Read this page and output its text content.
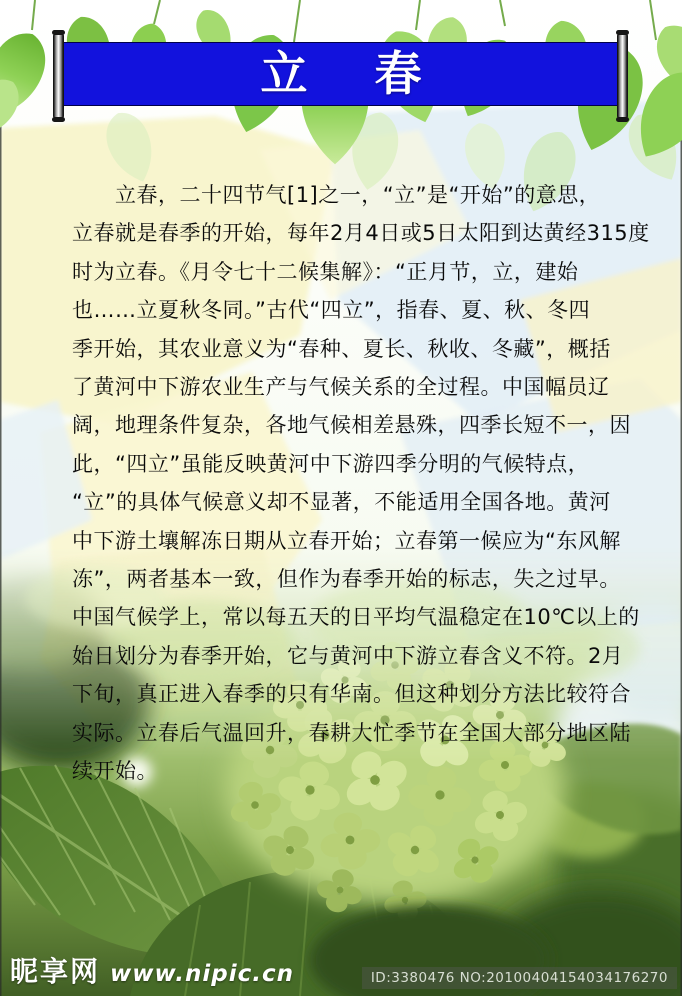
立　春
　　立春，二十四节气[1]之一，“立”是“开始”的意思，
立春就是春季的开始，每年2月4日或5日太阳到达黄经315度
时为立春。《月令七十二候集解》：“正月节，立，建始
也……立夏秋冬同。”古代“四立”，指春、夏、秋、冬四
季开始，其农业意义为“春种、夏长、秋收、冬藏”，概括
了黄河中下游农业生产与气候关系的全过程。中国幅员辽
阔，地理条件复杂，各地气候相差悬殊，四季长短不一，因
此，“四立”虽能反映黄河中下游四季分明的气候特点，
“立”的具体气候意义却不显著，不能适用全国各地。黄河
中下游土壤解冻日期从立春开始；立春第一候应为“东风解
冻”，两者基本一致，但作为春季开始的标志，失之过早。
中国气候学上，常以每五天的日平均气温稳定在10℃以上的
始日划分为春季开始，它与黄河中下游立春含义不符。2月
下旬，真正进入春季的只有华南。但这种划分方法比较符合
实际。立春后气温回升，春耕大忙季节在全国大部分地区陆
续开始。
昵享网 www.nipic.cn	ID:3380476 NO:20100404154034176270
